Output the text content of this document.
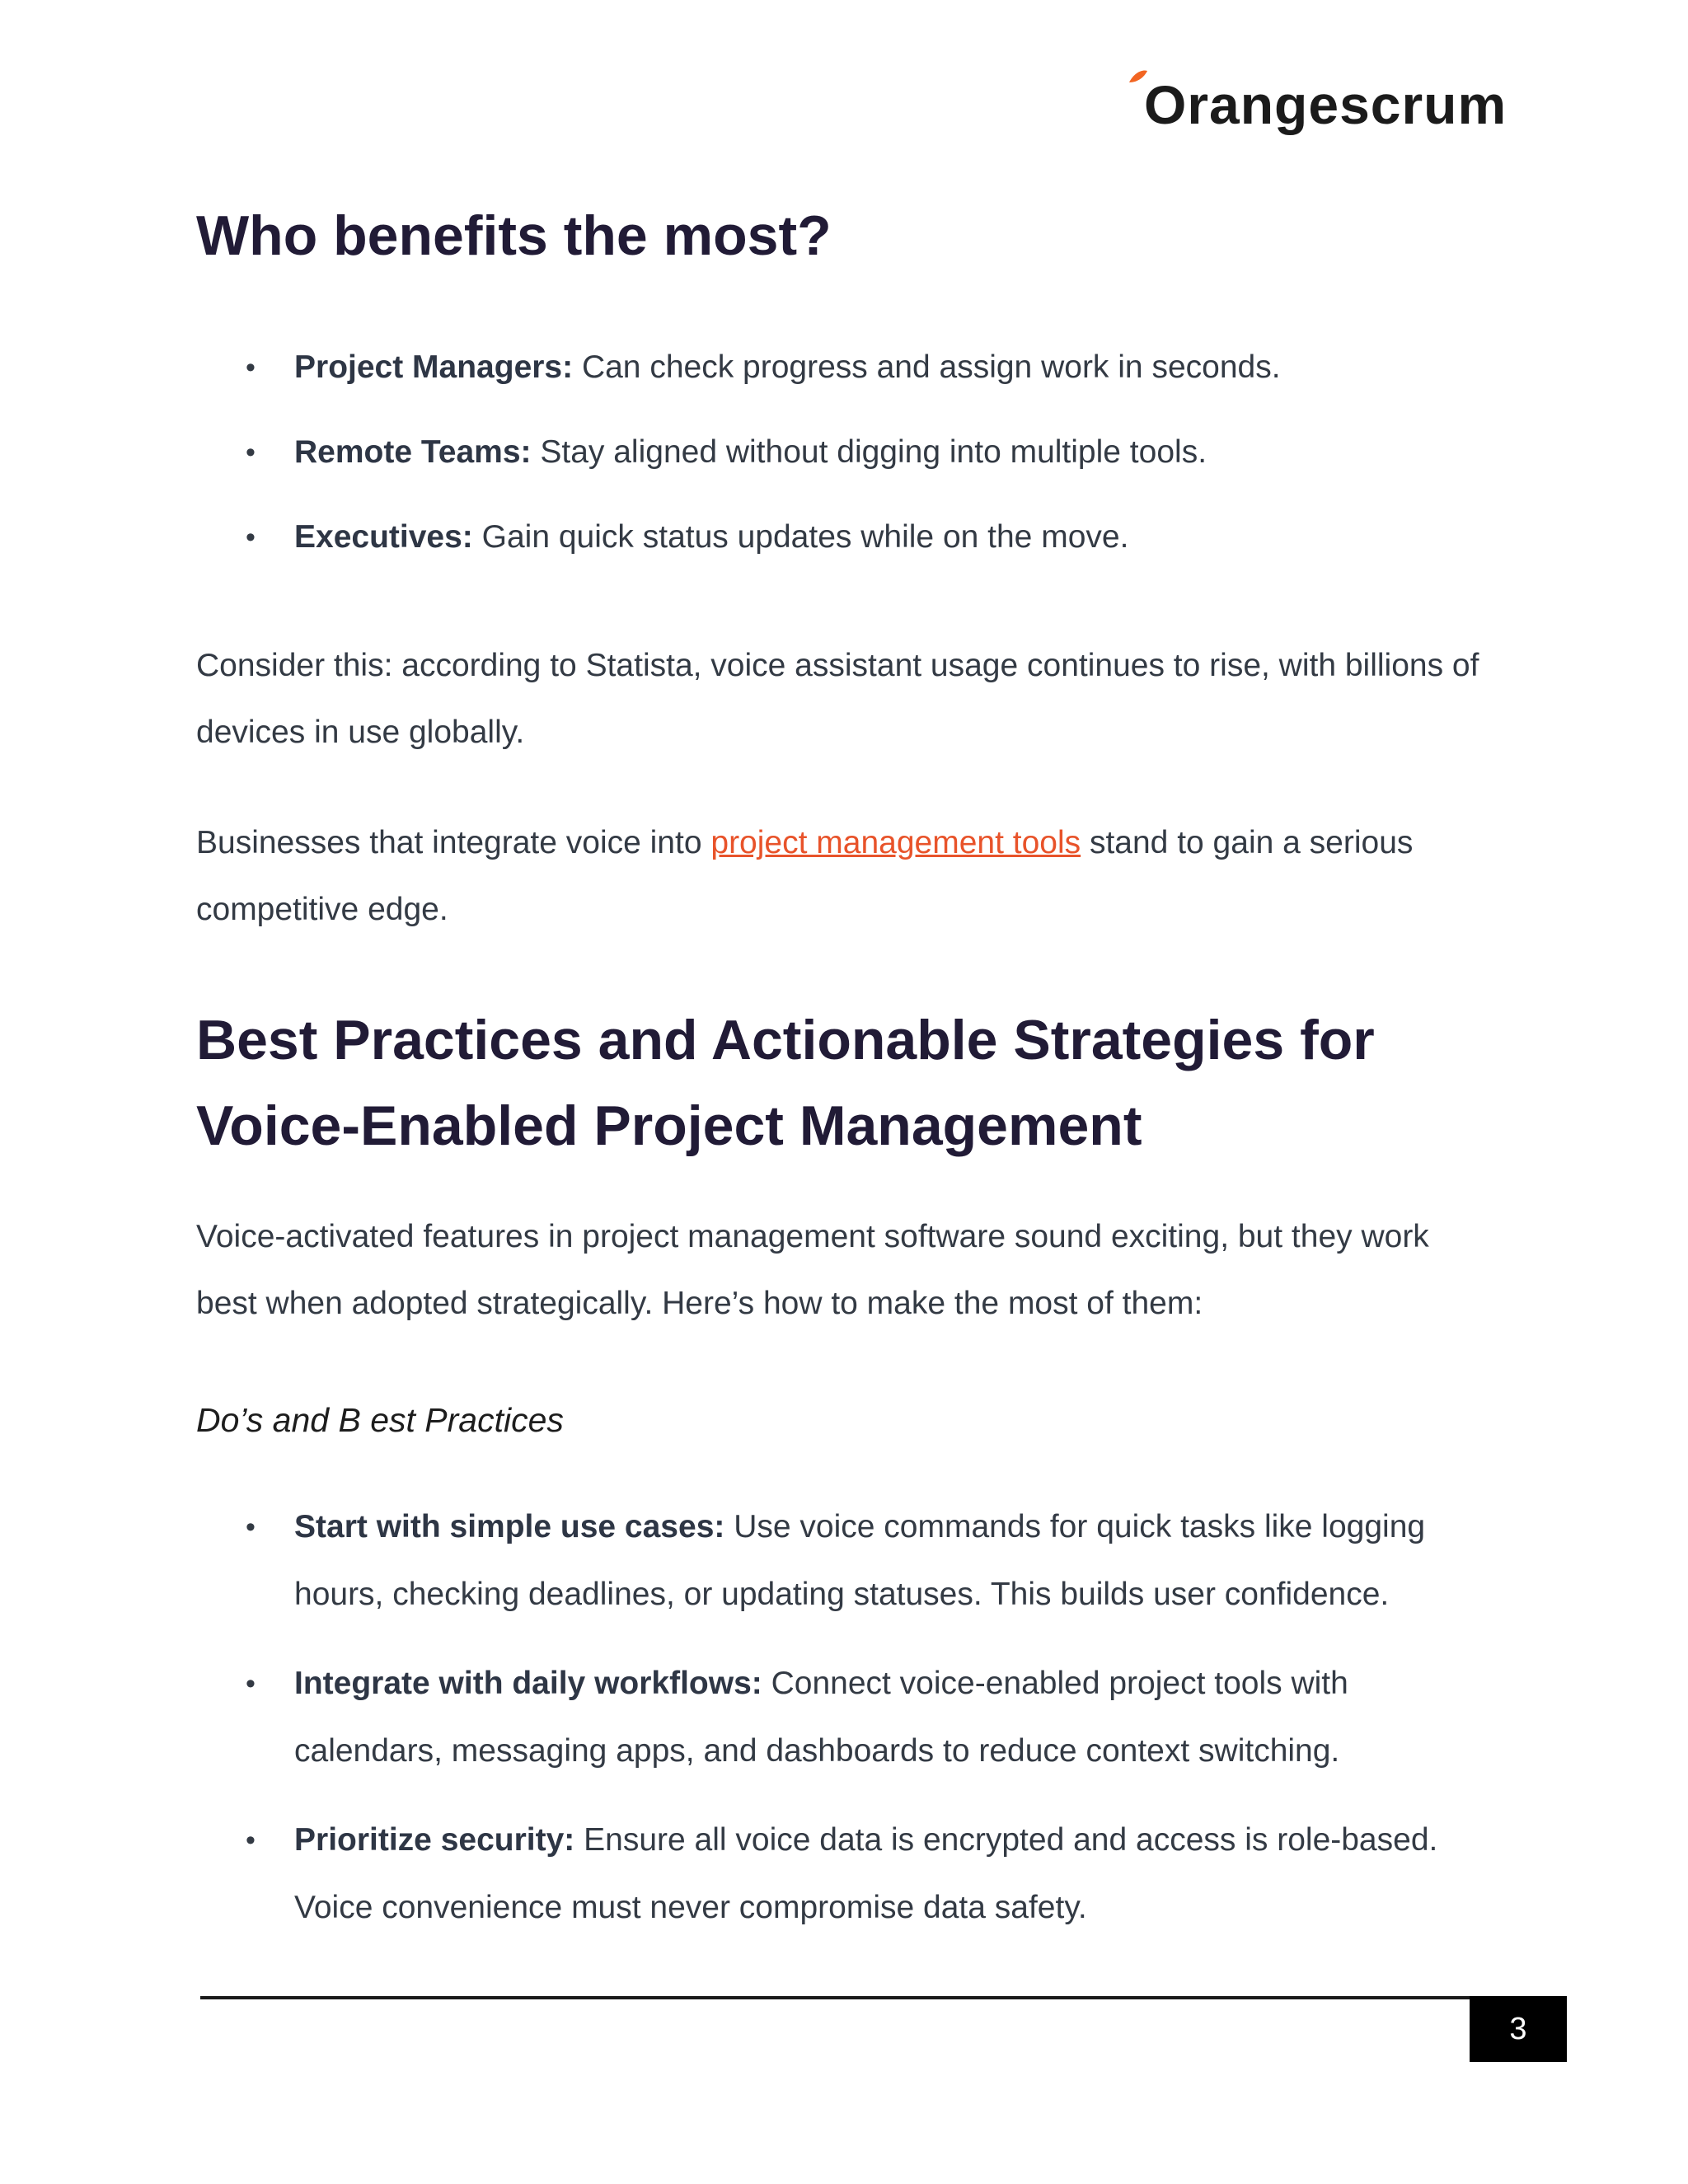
Orangescrum
Who benefits the most?
• Project Managers: Can check progress and assign work in seconds.
• Remote Teams: Stay aligned without digging into multiple tools.
• Executives: Gain quick status updates while on the move.

Consider this: according to Statista, voice assistant usage continues to rise, with billions of devices in use globally.

Businesses that integrate voice into project management tools stand to gain a serious competitive edge.

Best Practices and Actionable Strategies for Voice-Enabled Project Management

Voice-activated features in project management software sound exciting, but they work best when adopted strategically. Here’s how to make the most of them:

Do’s and B est Practices

• Start with simple use cases: Use voice commands for quick tasks like logging hours, checking deadlines, or updating statuses. This builds user confidence.
• Integrate with daily workflows: Connect voice-enabled project tools with calendars, messaging apps, and dashboards to reduce context switching.
• Prioritize security: Ensure all voice data is encrypted and access is role-based. Voice convenience must never compromise data safety.
3
